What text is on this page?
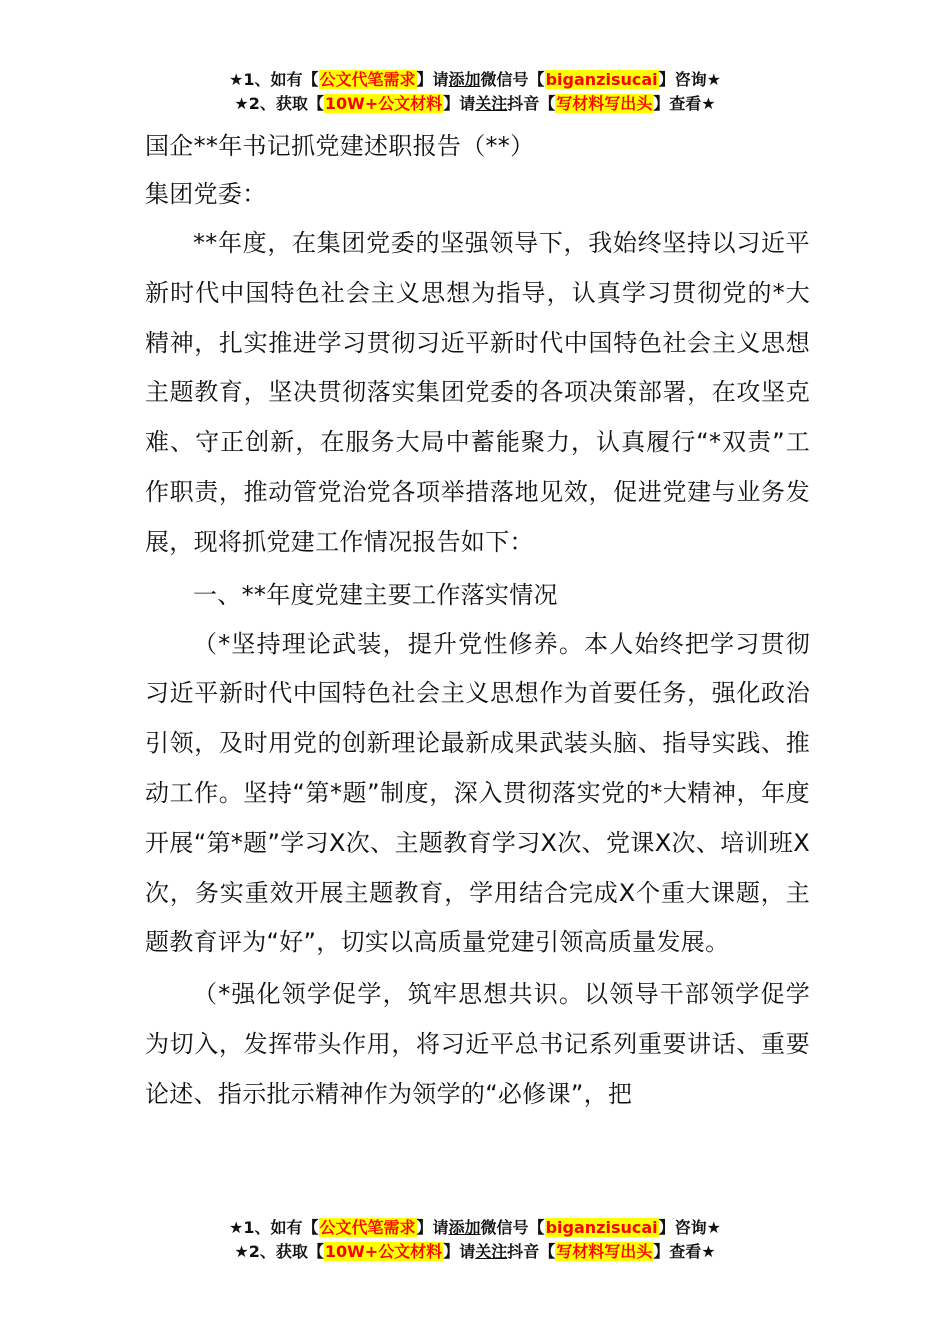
★1、如有【公文代笔需求】请添加微信号【biganzisucai】咨询★
★2、获取【10W+公文材料】请关注抖音【写材料写出头】查看★
国企**年书记抓党建述职报告（**）
集团党委：

**年度，在集团党委的坚强领导下，我始终坚持以习近平新时代中国特色社会主义思想为指导，认真学习贯彻党的*大精神，扎实推进学习贯彻习近平新时代中国特色社会主义思想主题教育，坚决贯彻落实集团党委的各项决策部署，在攻坚克难、守正创新，在服务大局中蓄能聚力，认真履行“*双责”工作职责，推动管党治党各项举措落地见效，促进党建与业务发展，现将抓党建工作情况报告如下：

一、**年度党建主要工作落实情况

（*坚持理论武装，提升党性修养。本人始终把学习贯彻习近平新时代中国特色社会主义思想作为首要任务，强化政治引领，及时用党的创新理论最新成果武装头脑、指导实践、推动工作。坚持“第*题”制度，深入贯彻落实党的*大精神，年度开展“第*题”学习X次、主题教育学习X次、党课X次、培训班X次，务实重效开展主题教育，学用结合完成X个重大课题，主题教育评为“好”，切实以高质量党建引领高质量发展。

（*强化领学促学，筑牢思想共识。以领导干部领学促学为切入，发挥带头作用，将习近平总书记系列重要讲话、重要论述、指示批示精神作为领学的“必修课”，把

★1、如有【公文代笔需求】请添加微信号【biganzisucai】咨询★
★2、获取【10W+公文材料】请关注抖音【写材料写出头】查看★
